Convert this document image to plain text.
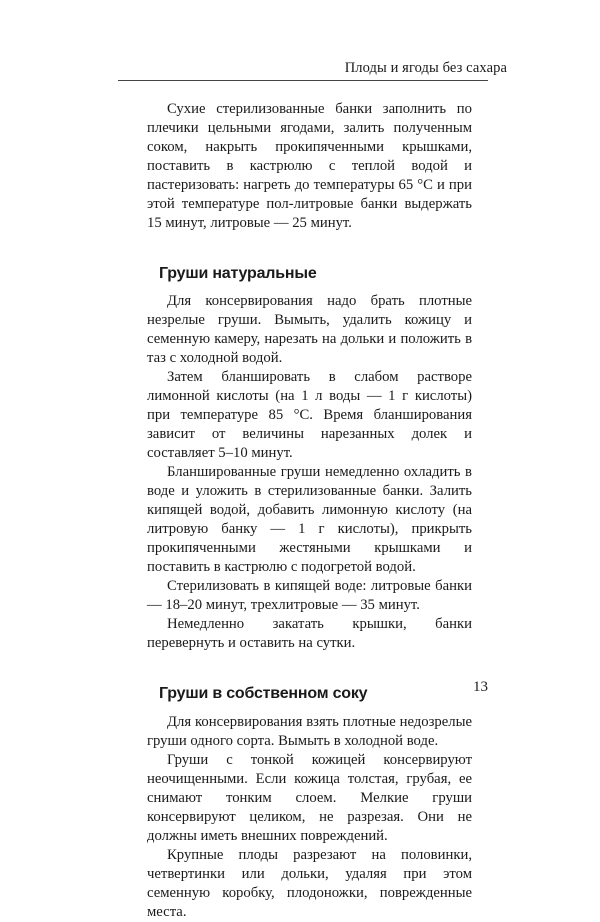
Плоды и ягоды без сахара

Сухие стерилизованные банки заполнить по плечики цельными ягодами, залить полученным соком, накрыть прокипяченными крышками, поставить в кастрюлю с теплой водой и пастеризовать: нагреть до температуры 65 °С и при этой температуре пол-литровые банки выдержать 15 минут, литровые — 25 минут.

Груши натуральные

Для консервирования надо брать плотные незрелые груши. Вымыть, удалить кожицу и семенную камеру, нарезать на дольки и положить в таз с холодной водой.

Затем бланшировать в слабом растворе лимонной кислоты (на 1 л воды — 1 г кислоты) при температуре 85 °С. Время бланширования зависит от величины нарезанных долек и составляет 5–10 минут.

Бланшированные груши немедленно охладить в воде и уложить в стерилизованные банки. Залить кипящей водой, добавить лимонную кислоту (на литровую банку — 1 г кислоты), прикрыть прокипяченными жестяными крышками и поставить в кастрюлю с подогретой водой.

Стерилизовать в кипящей воде: литровые банки — 18–20 минут, трехлитровые — 35 минут.

Немедленно закатать крышки, банки перевернуть и оставить на сутки.

Груши в собственном соку

Для консервирования взять плотные недозрелые груши одного сорта. Вымыть в холодной воде.

Груши с тонкой кожицей консервируют неочищенными. Если кожица толстая, грубая, ее снимают тонким слоем. Мелкие груши консервируют целиком, не разрезая. Они не должны иметь внешних повреждений.

Крупные плоды разрезают на половинки, четвертинки или дольки, удаляя при этом семенную коробку, плодоножки, поврежденные места.

13
